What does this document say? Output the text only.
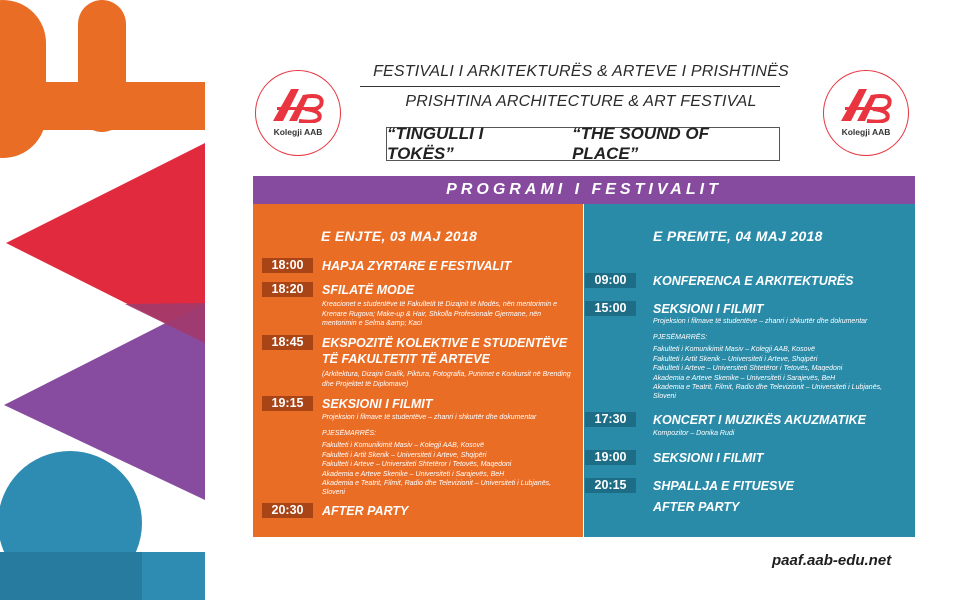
FESTIVALI I ARKITEKTURËS & ARTEVE I PRISHTINËS
PRISHTINA ARCHITECTURE & ART FESTIVAL
“TINGULLI I TOKËS”
“THE SOUND OF PLACE”
Kolegji AAB	Kolegji AAB
PROGRAMI I FESTIVALIT
E ENJTE, 03 MAJ 2018
18:00	HAPJA ZYRTARE E FESTIVALIT
18:20	SFILATË MODE
Kreacionet e studentëve të Fakultetit të Dizajnit të Modës, nën mentorimin e Krenare Rugova; Make-up & Hair, Shkolla Profesionale Gjermane, nën mentorimin e Selma &amp; Kaci
18:45	EKSPOZITË KOLEKTIVE E STUDENTËVE TË FAKULTETIT TË ARTEVE
(Arkitektura, Dizajni Grafik, Piktura, Fotografia, Punimet e Konkursit në Brending dhe Projektet të Diplomave)
19:15	SEKSIONI I FILMIT
Projeksion i filmave të studentëve – zhanri i shkurtër dhe dokumentar
PJESËMARRËS:
Fakulteti i Komunikimit Masiv – Kolegji AAB, Kosovë
Fakulteti i Artit Skenik – Universiteti i Arteve, Shqipëri
Fakulteti i Arteve – Universiteti Shtetëror i Tetovës, Maqedoni
Akademia e Arteve Skenike – Universiteti i Sarajevës, BeH
Akademia e Teatrit, Filmit, Radio dhe Televizionit – Universiteti i Lubjanës,
Sloveni
20:30	AFTER PARTY
E PREMTE, 04 MAJ 2018
09:00	KONFERENCA E ARKITEKTURËS
15:00	SEKSIONI I FILMIT
Projeksion i filmave të studentëve – zhanri i shkurtër dhe dokumentar
PJESËMARRËS:
Fakulteti i Komunikimit Masiv – Kolegji AAB, Kosovë
Fakulteti i Artit Skenik – Universiteti i Arteve, Shqipëri
Fakulteti i Arteve – Universiteti Shtetëror i Tetovës, Maqedoni
Akademia e Arteve Skenike – Universiteti i Sarajevës, BeH
Akademia e Teatrit, Filmit, Radio dhe Televizionit – Universiteti i Lubjanës,
Sloveni
17:30	KONCERT I MUZIKËS AKUZMATIKE
Kompozitor – Donika Rudi
19:00	SEKSIONI I FILMIT
20:15	SHPALLJA E FITUESVE
AFTER PARTY
paaf.aab-edu.net
